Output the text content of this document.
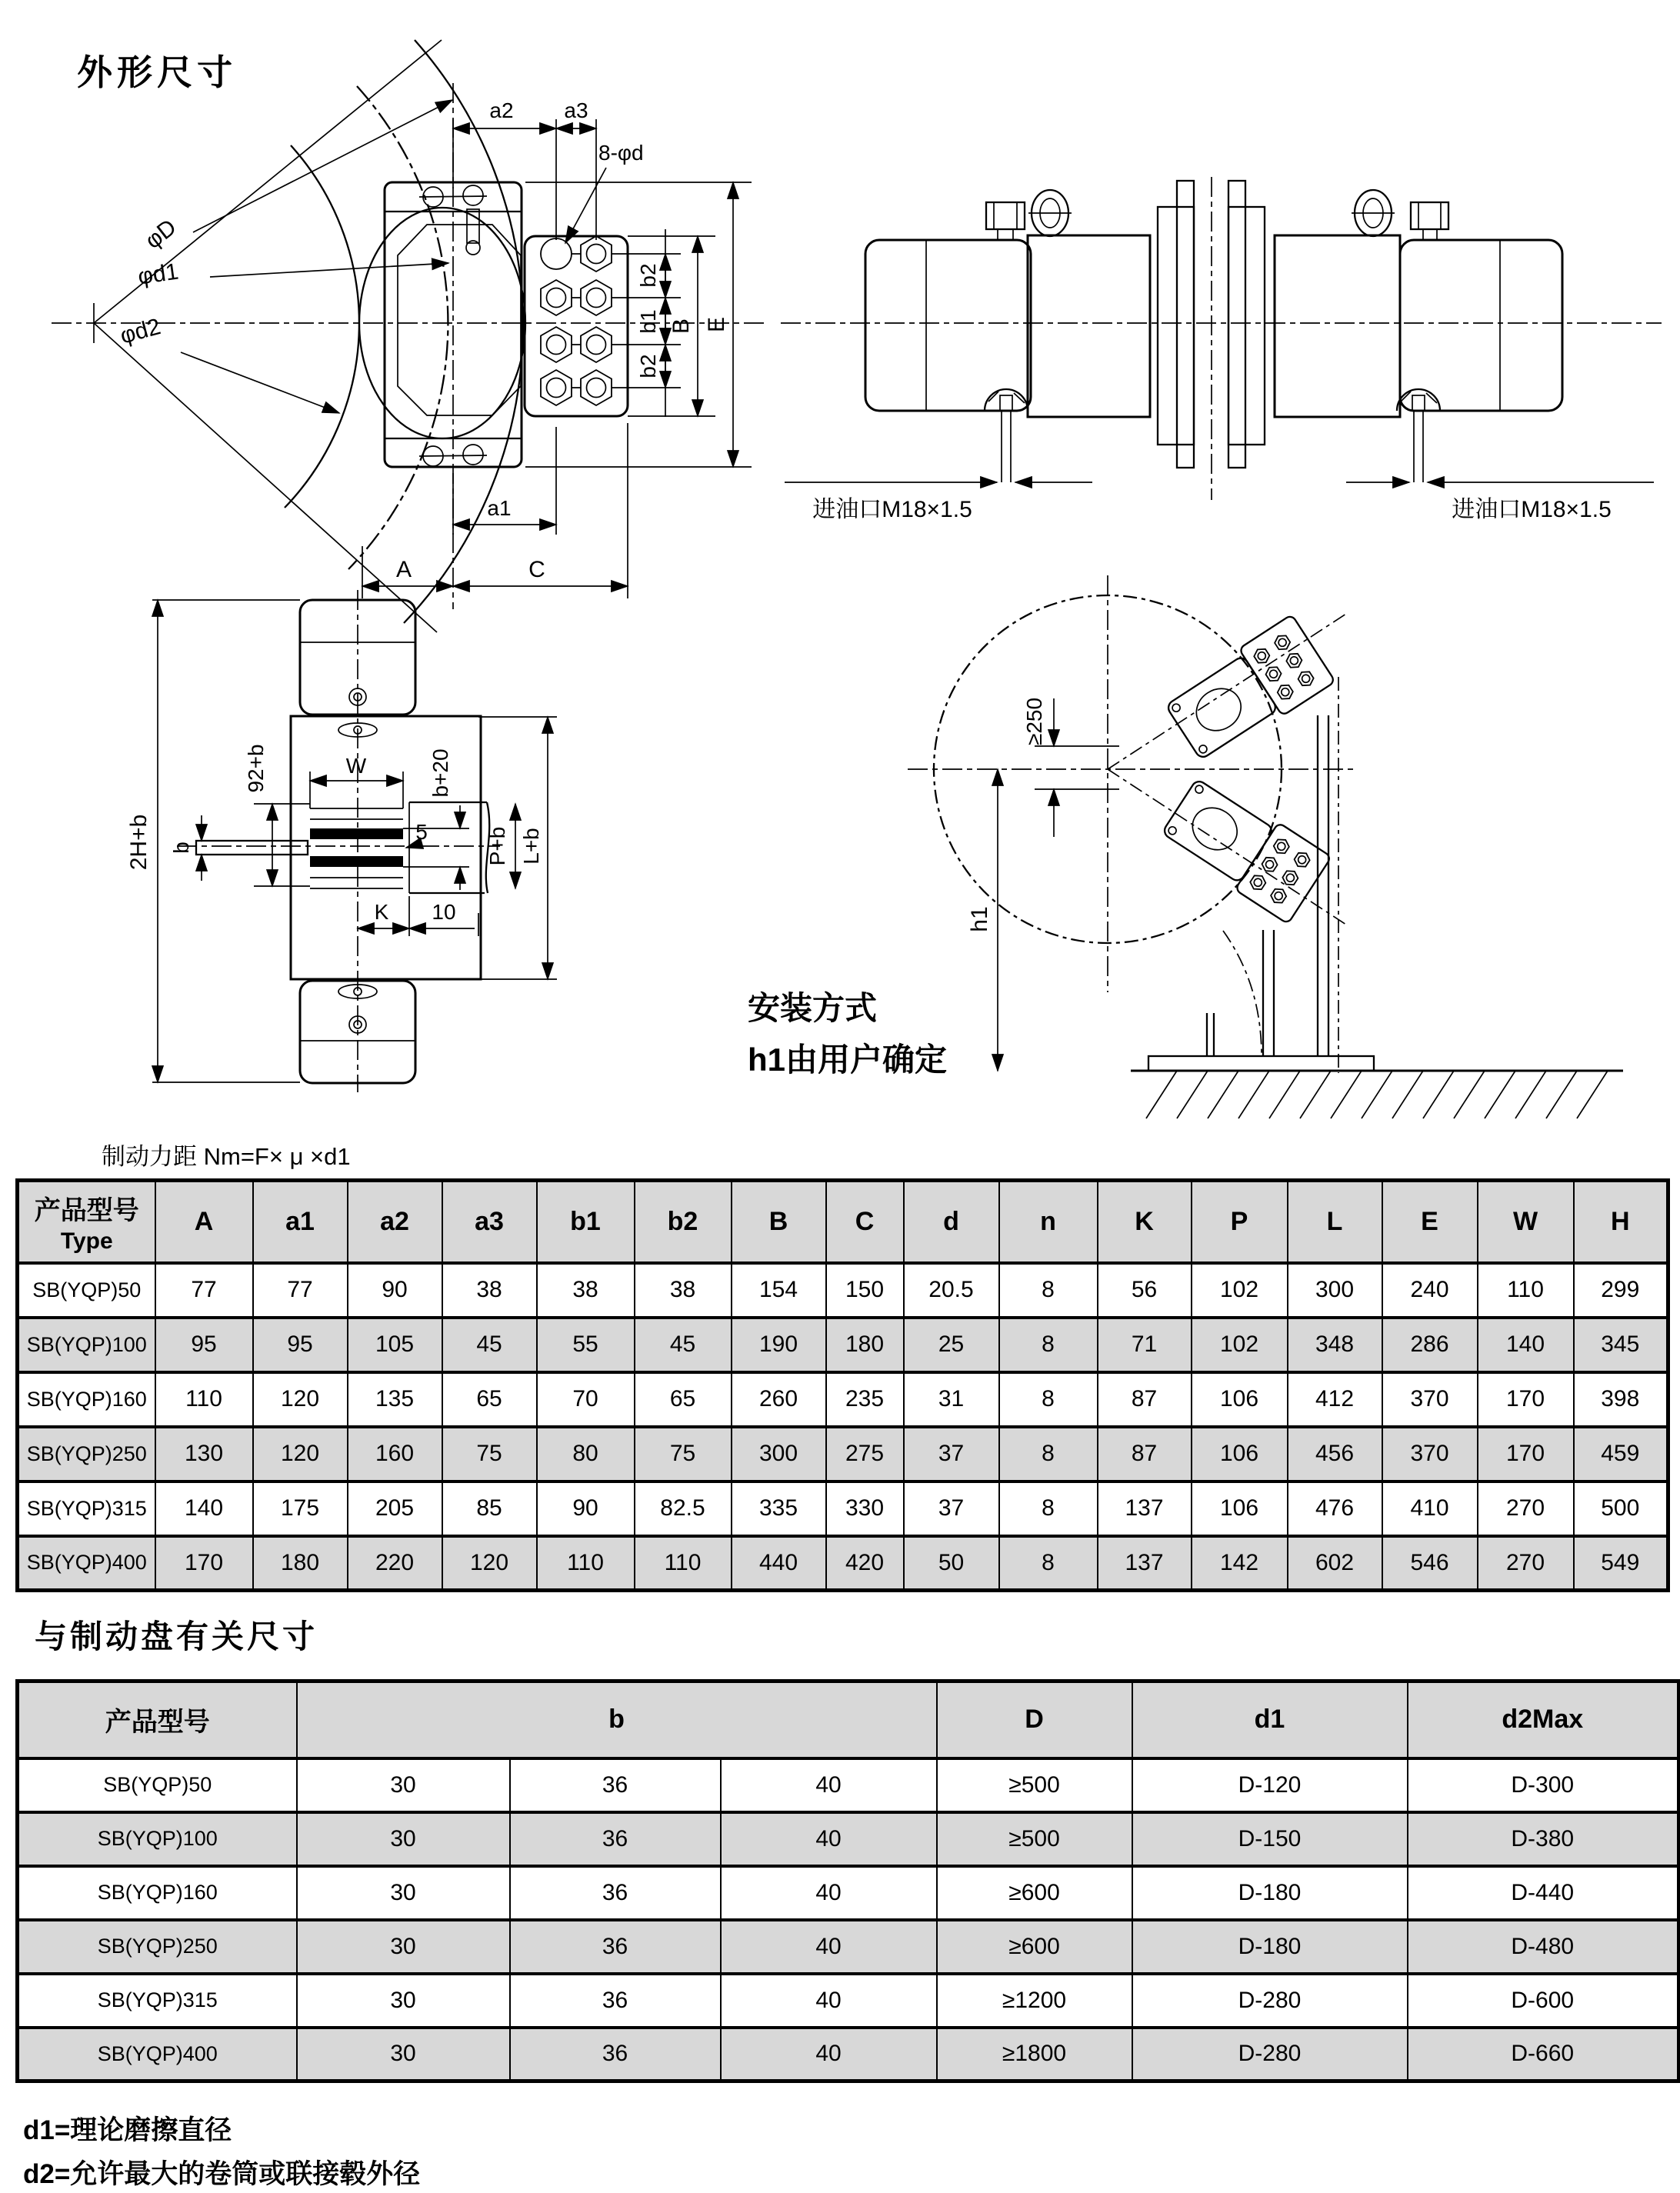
外形尺寸
a2 a3
8-φd
b2
b1
b2
B E
a1
A	C
φD
φd1
φd2
进油口M18×1.5	进油口M18×1.5
2H+b
W
92+b	b+20
b
5	P+b L+b
K 10
≥250
h1
安装方式
h1由用户确定
制动力距 Nm=F× μ ×d1
产品型号
Type	A	a1	a2	a3	b1	b2	B	C	d	n	K	P	L	E	W	H
SB(YQP)50	77	77	90	38	38	38	154	150	20.5	8	56	102	300	240	110	299
SB(YQP)100	95	95	105	45	55	45	190	180	25	8	71	102	348	286	140	345
SB(YQP)160	110	120	135	65	70	65	260	235	31	8	87	106	412	370	170	398
SB(YQP)250	130	120	160	75	80	75	300	275	37	8	87	106	456	370	170	459
SB(YQP)315	140	175	205	85	90	82.5	335	330	37	8	137	106	476	410	270	500
SB(YQP)400	170	180	220	120	110	110	440	420	50	8	137	142	602	546	270	549
与制动盘有关尺寸
产品型号	b			D	d1	d2Max
SB(YQP)50	30	36	40	≥500	D-120	D-300
SB(YQP)100	30	36	40	≥500	D-150	D-380
SB(YQP)160	30	36	40	≥600	D-180	D-440
SB(YQP)250	30	36	40	≥600	D-180	D-480
SB(YQP)315	30	36	40	≥1200	D-280	D-600
SB(YQP)400	30	36	40	≥1800	D-280	D-660
d1=理论磨擦直径
d2=允许最大的卷筒或联接毂外径
